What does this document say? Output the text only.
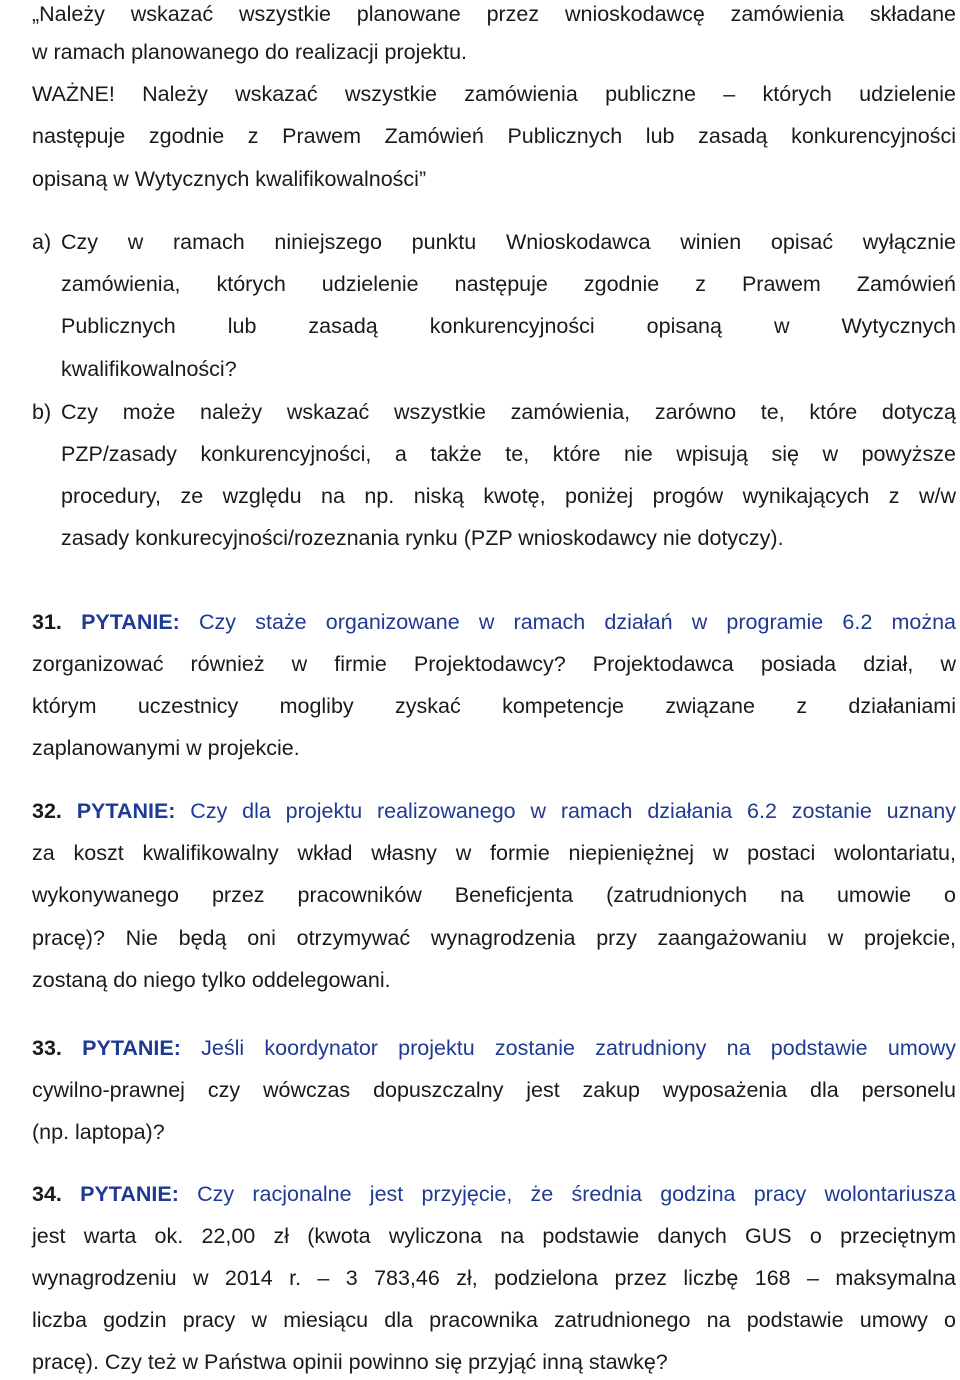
„Należy wskazać wszystkie planowane przez wnioskodawcę zamówienia składane
w ramach planowanego do realizacji projektu.
WAŻNE! Należy wskazać wszystkie zamówienia publiczne – których udzielenie
następuje zgodnie z Prawem Zamówień Publicznych lub zasadą konkurencyjności
opisaną w Wytycznych kwalifikowalności”
a) Czy w ramach niniejszego punktu Wnioskodawca winien opisać wyłącznie
zamówienia, których udzielenie następuje zgodnie z Prawem Zamówień
Publicznych lub zasadą konkurencyjności opisaną w Wytycznych
kwalifikowalności?
b) Czy może należy wskazać wszystkie zamówienia, zarówno te, które dotyczą
PZP/zasady konkurencyjności, a także te, które nie wpisują się w powyższe
procedury, ze względu na np. niską kwotę, poniżej progów wynikających z w/w
zasady konkurecyjności/rozeznania rynku (PZP wnioskodawcy nie dotyczy).
31. PYTANIE: Czy staże organizowane w ramach działań w programie 6.2 można
zorganizować również w firmie Projektodawcy? Projektodawca posiada dział, w
którym uczestnicy mogliby zyskać kompetencje związane z działaniami
zaplanowanymi w projekcie.
32. PYTANIE: Czy dla projektu realizowanego w ramach działania 6.2 zostanie uznany
za koszt kwalifikowalny wkład własny w formie niepieniężnej w postaci wolontariatu,
wykonywanego przez pracowników Beneficjenta (zatrudnionych na umowie o
pracę)? Nie będą oni otrzymywać wynagrodzenia przy zaangażowaniu w projekcie,
zostaną do niego tylko oddelegowani.
33. PYTANIE: Jeśli koordynator projektu zostanie zatrudniony na podstawie umowy
cywilno-prawnej czy wówczas dopuszczalny jest zakup wyposażenia dla personelu
(np. laptopa)?
34. PYTANIE: Czy racjonalne jest przyjęcie, że średnia godzina pracy wolontariusza
jest warta ok. 22,00 zł (kwota wyliczona na podstawie danych GUS o przeciętnym
wynagrodzeniu w 2014 r. – 3 783,46 zł, podzielona przez liczbę 168 – maksymalna
liczba godzin pracy w miesiącu dla pracownika zatrudnionego na podstawie umowy o
pracę). Czy też w Państwa opinii powinno się przyjąć inną stawkę?
